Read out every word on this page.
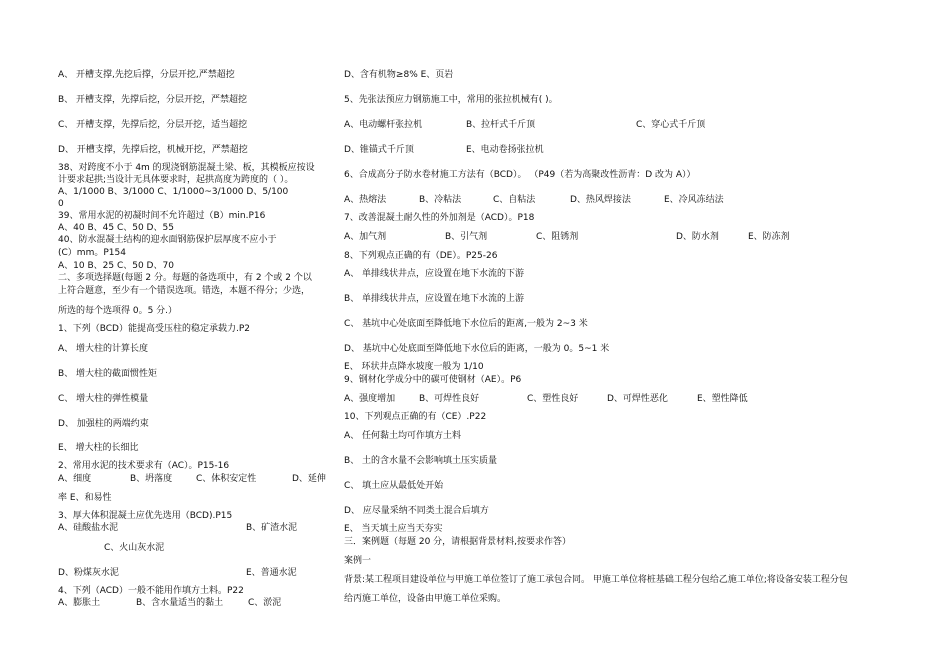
A、 开槽支撑,先挖后撑，分层开挖,严禁超挖
B、 开槽支撑，先撑后挖，分层开挖，严禁超挖
C、 开槽支撑，先撑后挖，分层开挖，适当超挖
D、 开槽支撑，先撑后挖，机械开挖，严禁超挖
38、对跨度不小于 4m 的现浇钢筋混凝土梁、板，其模板应按设
计要求起拱;当设计无具体要求时，起拱高度为跨度的（ ）。
A、1/1000 B、3/1000 C、1/1000~3/1000 D、5/100
0
39、常用水泥的初凝时间不允许超过（B）min.P16
A、40 B、45 C、50 D、55
40、防水混凝土结构的迎水面钢筋保护层厚度不应小于
(C）mm。P154
A、10 B、25 C、50 D、70
二、多项选择题(每题 2 分。每题的备选项中，有 2 个或 2 个以
上符合题意，至少有一个错误选项。错选，本题不得分；少选，
所选的每个选项得 0。5 分.）
1、下列（BCD）能提高受压柱的稳定承载力.P2
A、 增大柱的计算长度
B、 增大柱的截面惯性矩
C、 增大柱的弹性模量
D、 加强柱的两端约束
E、 增大柱的长细比
2、常用水泥的技术要求有（AC）。P15-16
A、细度	B、坍落度	C、体积安定性	D、延伸
率 E、和易性
3、厚大体积混凝土应优先选用（BCD).P15
A、硅酸盐水泥	B、矿渣水泥
C、火山灰水泥
D、粉煤灰水泥	E、普通水泥
4、下列（ACD）一般不能用作填方土料。P22
A、膨胀土	B、含水量适当的黏土	C、淤泥
D、含有机物≥8% E、页岩
5、先张法预应力钢筋施工中，常用的张拉机械有( )。
A、电动螺杆张拉机	B、拉杆式千斤顶	C、穿心式千斤顶
D、锥锚式千斤顶	E、电动卷扬张拉机
6、合成高分子防水卷材施工方法有（BCD）。 （P49（若为高聚改性沥青：D 改为 A））
A、热熔法	B、冷粘法	C、自粘法	D、热风焊接法	E、冷风冻结法
7、改善混凝土耐久性的外加剂是（ACD）。P18
A、加气剂	B、引气剂	C、阻锈剂	D、防水剂	E、防冻剂
8、下列观点正确的有（DE）。P25-26
A、 单排线状井点，应设置在地下水流的下游
B、 单排线状井点，应设置在地下水流的上游
C、 基坑中心处底面至降低地下水位后的距离,一般为 2~3 米
D、 基坑中心处底面至降低地下水位后的距离，一般为 0。5~1 米
E、 环状井点降水坡度一般为 1/10
9、钢材化学成分中的碳可使钢材（AE）。P6
A、强度增加	B、可焊性良好	C、塑性良好	D、可焊性恶化	E、塑性降低
10、下列观点正确的有（CE）.P22
A、 任何黏土均可作填方土料
B、 土的含水量不会影响填土压实质量
C、 填土应从最低处开始
D、 应尽量采纳不同类土混合后填方
E、 当天填土应当天夯实
三．案例题（每题 20 分，请根据背景材料,按要求作答）
案例一
背景:某工程项目建设单位与甲施工单位签订了施工承包合同。 甲施工单位将桩基础工程分包给乙施工单位;将设备安装工程分包
给丙施工单位，设备由甲施工单位采购。
